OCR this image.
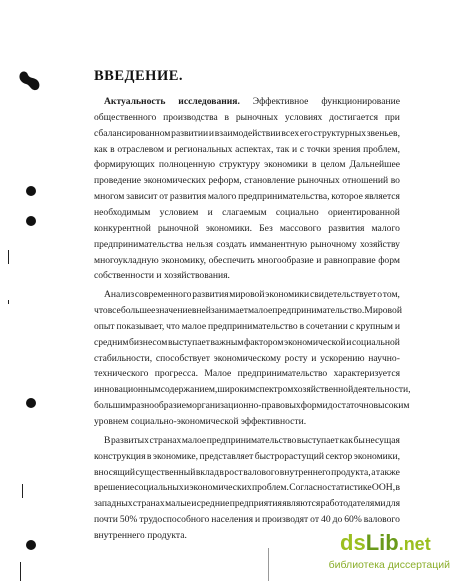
ВВЕДЕНИЕ.
Актуальность исследования. Эффективное функционирование
общественного производства в рыночных условиях достигается при
сбалансированном развитии и взаимодействии всех его структурных звеньев,
как в отраслевом и региональных аспектах, так и с точки зрения проблем,
формирующих полноценную структуру экономики в целом Дальнейшее
проведение экономических реформ, становление рыночных отношений во
многом зависит от развития малого предпринимательства, которое является
необходимым условием и слагаемым социально ориентированной
конкурентной рыночной экономики. Без массового развития малого
предпринимательства нельзя создать имманентную рыночному хозяйству
многоукладную экономику, обеспечить многообразие и равноправие форм
собственности и хозяйствования.
Анализ современного развития мировой экономики свидетельствует о том,
что все большее значение в ней занимает малое предпринимательство. Мировой
опыт показывает, что малое предпринимательство в сочетании с крупным и
средним бизнесом выступает важным фактором экономической и социальной
стабильности, способствует экономическому росту и ускорению научно-
технического прогресса. Малое предпринимательство характеризуется
инновационным содержанием, широким спектром хозяйственной деятельности,
большим разнообразием организационно-правовых форм и достаточно высоким
уровнем социально-экономической эффективности.
В развитых странах малое предпринимательство выступает как бы несущая
конструкция в экономике, представляет быстрорастущий сектор экономики,
вносящий существенный вклад в рост валового внутреннего продукта, а также
в решение социальных и экономических проблем. Согласно статистике ООН, в
западных странах малые и средние предприятия являются работодателями для
почти 50% трудоспособного населения и производят от 40 до 60% валового
внутреннего продукта.	dsLib.net
библиотека диссертаций
